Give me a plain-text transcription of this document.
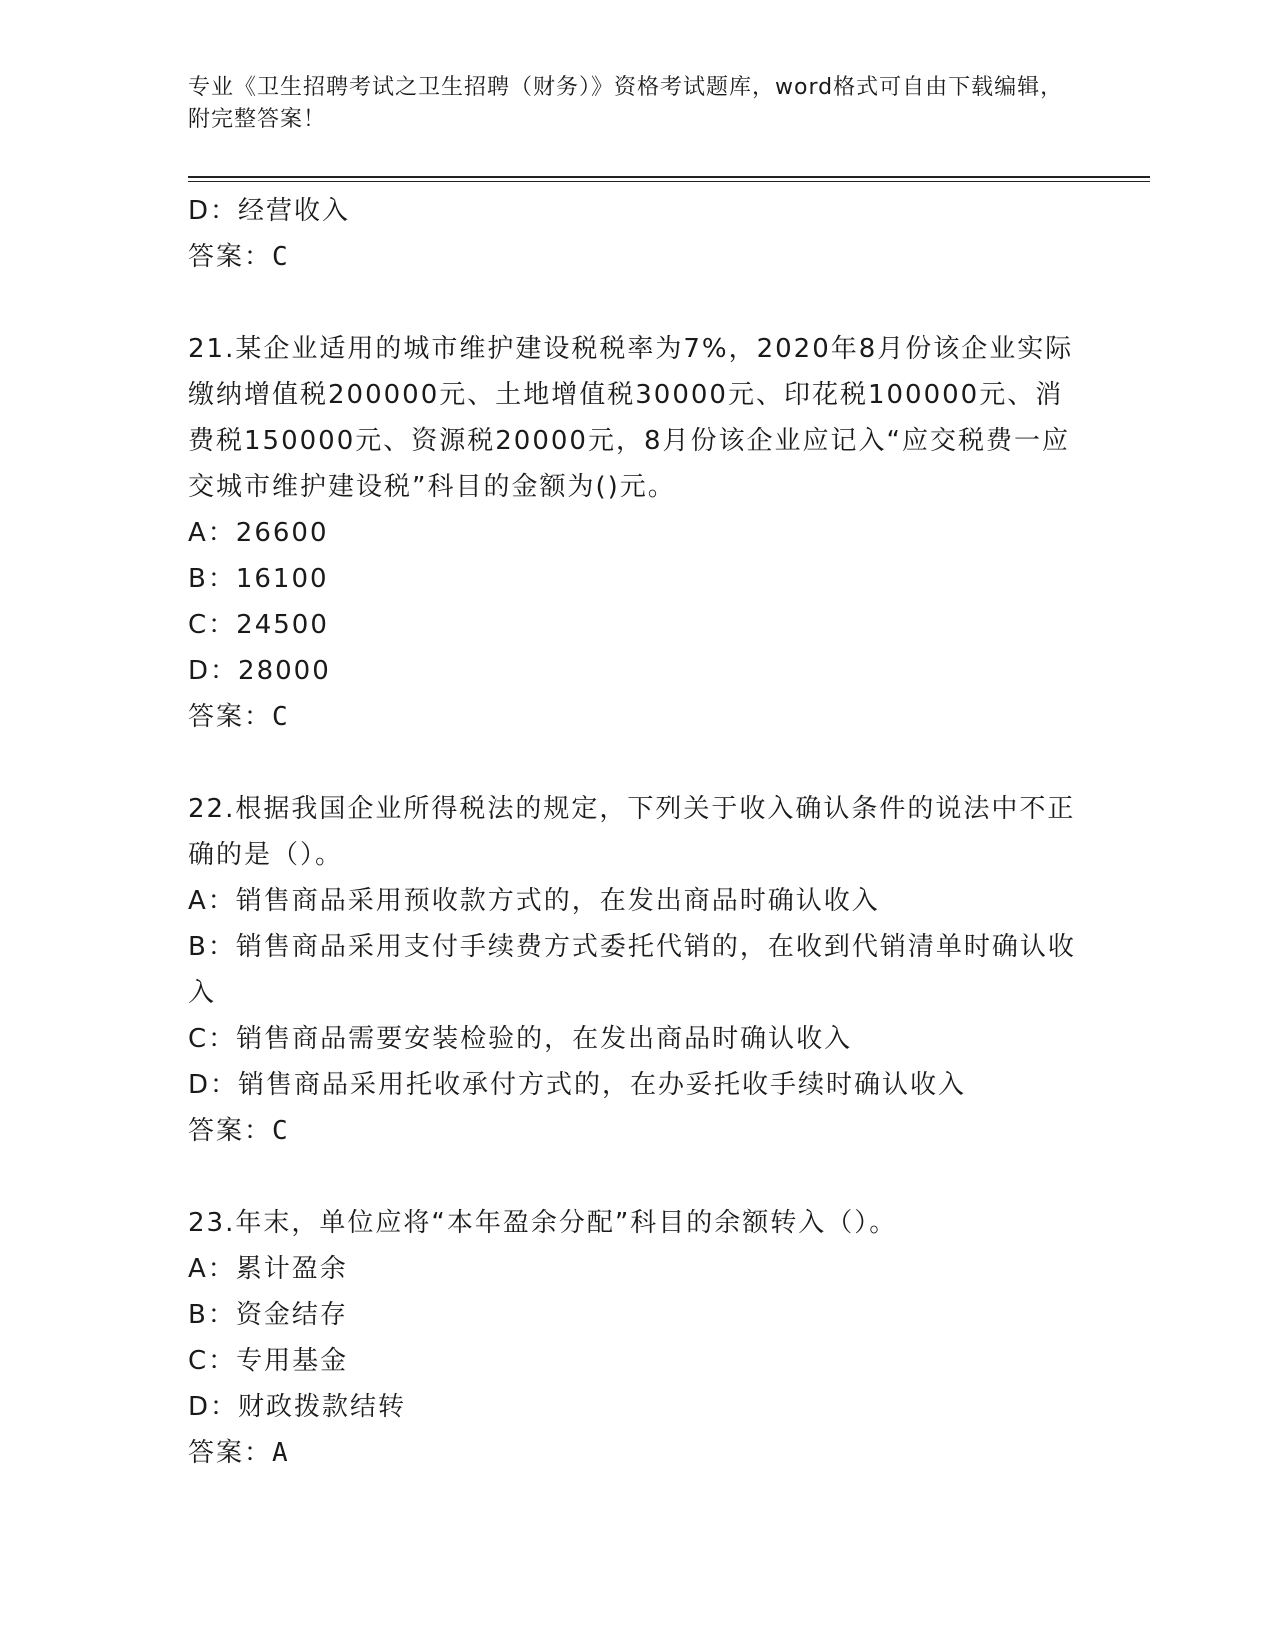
专业《卫生招聘考试之卫生招聘（财务）》资格考试题库，word格式可自由下载编辑，附完整答案！

D：经营收入

答案：C

21.某企业适用的城市维护建设税税率为7%，2020年8月份该企业实际缴纳增值税200000元、土地增值税30000元、印花税100000元、消费税150000元、资源税20000元，8月份该企业应记入“应交税费一应交城市维护建设税”科目的金额为()元。

A：26600

B：16100

C：24500

D：28000

答案：C

22.根据我国企业所得税法的规定，下列关于收入确认条件的说法中不正确的是（）。

A：销售商品采用预收款方式的，在发出商品时确认收入

B：销售商品采用支付手续费方式委托代销的，在收到代销清单时确认收入

C：销售商品需要安装检验的，在发出商品时确认收入

D：销售商品采用托收承付方式的，在办妥托收手续时确认收入

答案：C

23.年末，单位应将“本年盈余分配”科目的余额转入（）。

A：累计盈余

B：资金结存

C：专用基金

D：财政拨款结转

答案：A
